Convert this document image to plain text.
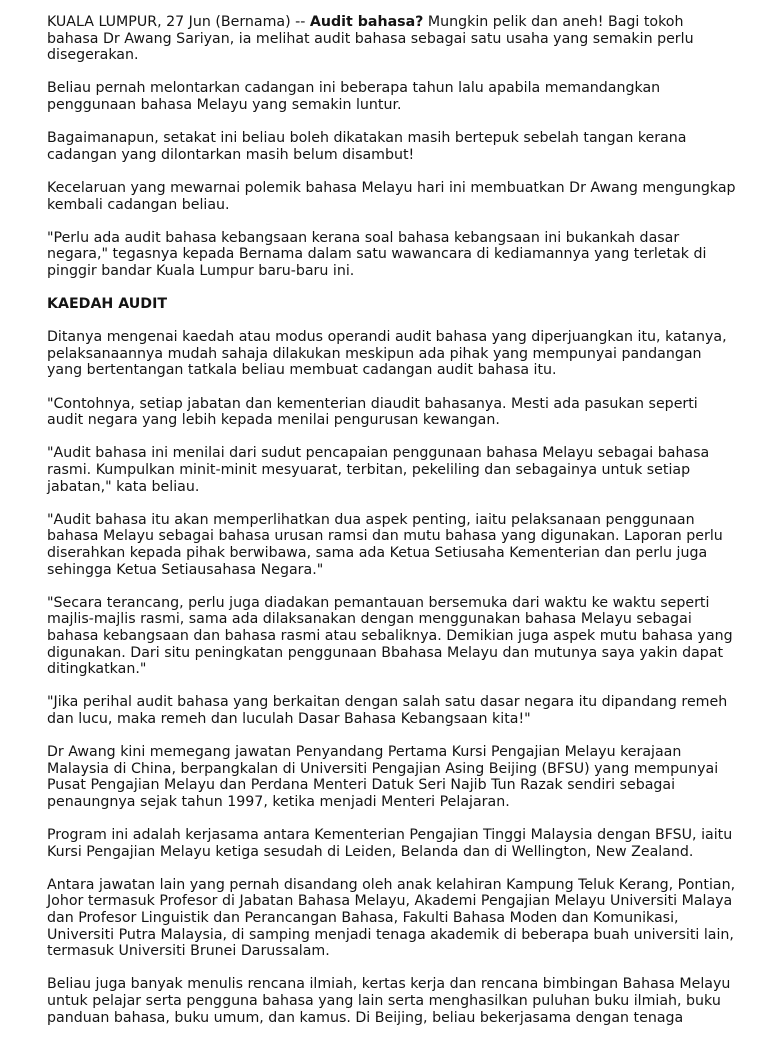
KUALA LUMPUR, 27 Jun (Bernama) -- Audit bahasa? Mungkin pelik dan aneh! Bagi tokoh bahasa Dr Awang Sariyan, ia melihat audit bahasa sebagai satu usaha yang semakin perlu disegerakan.

Beliau pernah melontarkan cadangan ini beberapa tahun lalu apabila memandangkan penggunaan bahasa Melayu yang semakin luntur.

Bagaimanapun, setakat ini beliau boleh dikatakan masih bertepuk sebelah tangan kerana cadangan yang dilontarkan masih belum disambut!

Kecelaruan yang mewarnai polemik bahasa Melayu hari ini membuatkan Dr Awang mengungkap kembali cadangan beliau.

"Perlu ada audit bahasa kebangsaan kerana soal bahasa kebangsaan ini bukankah dasar negara," tegasnya kepada Bernama dalam satu wawancara di kediamannya yang terletak di pinggir bandar Kuala Lumpur baru-baru ini.

KAEDAH AUDIT

Ditanya mengenai kaedah atau modus operandi audit bahasa yang diperjuangkan itu, katanya, pelaksanaannya mudah sahaja dilakukan meskipun ada pihak yang mempunyai pandangan yang bertentangan tatkala beliau membuat cadangan audit bahasa itu.

"Contohnya, setiap jabatan dan kementerian diaudit bahasanya. Mesti ada pasukan seperti audit negara yang lebih kepada menilai pengurusan kewangan.

"Audit bahasa ini menilai dari sudut pencapaian penggunaan bahasa Melayu sebagai bahasa rasmi. Kumpulkan minit-minit mesyuarat, terbitan, pekeliling dan sebagainya untuk setiap jabatan," kata beliau.

"Audit bahasa itu akan memperlihatkan dua aspek penting, iaitu pelaksanaan penggunaan bahasa Melayu sebagai bahasa urusan ramsi dan mutu bahasa yang digunakan. Laporan perlu diserahkan kepada pihak berwibawa, sama ada Ketua Setiusaha Kementerian dan perlu juga sehingga Ketua Setiausahasa Negara."

"Secara terancang, perlu juga diadakan pemantauan bersemuka dari waktu ke waktu seperti majlis-majlis rasmi, sama ada dilaksanakan dengan menggunakan bahasa Melayu sebagai bahasa kebangsaan dan bahasa rasmi atau sebaliknya. Demikian juga aspek mutu bahasa yang digunakan. Dari situ peningkatan penggunaan Bbahasa Melayu dan mutunya saya yakin dapat ditingkatkan."

"Jika perihal audit bahasa yang berkaitan dengan salah satu dasar negara itu dipandang remeh dan lucu, maka remeh dan luculah Dasar Bahasa Kebangsaan kita!"

Dr Awang kini memegang jawatan Penyandang Pertama Kursi Pengajian Melayu kerajaan Malaysia di China, berpangkalan di Universiti Pengajian Asing Beijing (BFSU) yang mempunyai Pusat Pengajian Melayu dan Perdana Menteri Datuk Seri Najib Tun Razak sendiri sebagai penaungnya sejak tahun 1997, ketika menjadi Menteri Pelajaran.

Program ini adalah kerjasama antara Kementerian Pengajian Tinggi Malaysia dengan BFSU, iaitu Kursi Pengajian Melayu ketiga sesudah di Leiden, Belanda dan di Wellington, New Zealand.

Antara jawatan lain yang pernah disandang oleh anak kelahiran Kampung Teluk Kerang, Pontian, Johor termasuk Profesor di Jabatan Bahasa Melayu, Akademi Pengajian Melayu Universiti Malaya dan Profesor Linguistik dan Perancangan Bahasa, Fakulti Bahasa Moden dan Komunikasi, Universiti Putra Malaysia, di samping menjadi tenaga akademik di beberapa buah universiti lain, termasuk Universiti Brunei Darussalam.

Beliau juga banyak menulis rencana ilmiah, kertas kerja dan rencana bimbingan Bahasa Melayu untuk pelajar serta pengguna bahasa yang lain serta menghasilkan puluhan buku ilmiah, buku panduan bahasa, buku umum, dan kamus. Di Beijing, beliau bekerjasama dengan tenaga
